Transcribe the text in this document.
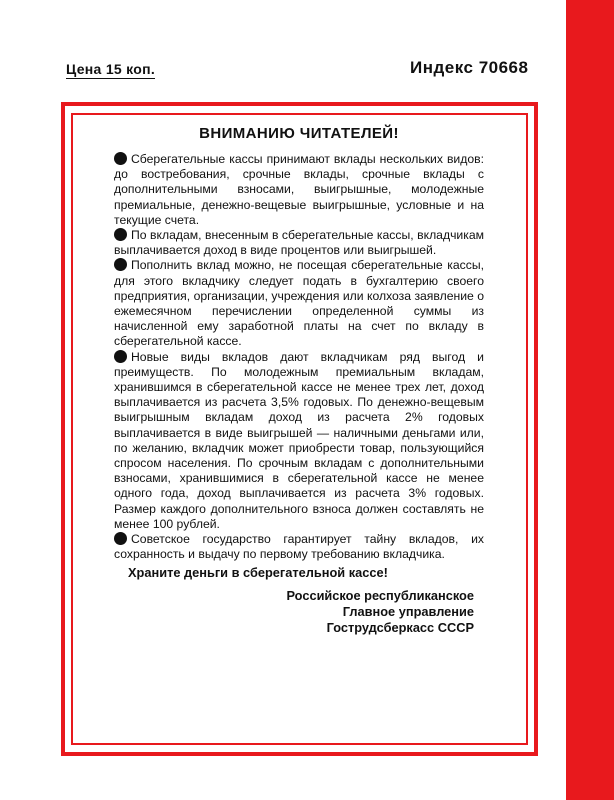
Цена 15 коп.	Индекс 70668
ВНИМАНИЮ ЧИТАТЕЛЕЙ!

Сберегательные кассы принимают вклады нескольких видов: до востребования, срочные вклады, срочные вклады с дополнительными взносами, выигрышные, молодежные премиальные, денежно-вещевые выигрышные, условные и на текущие счета.

По вкладам, внесенным в сберегательные кассы, вкладчикам выплачивается доход в виде процентов или выигрышей.

Пополнить вклад можно, не посещая сберегательные кассы, для этого вкладчику следует подать в бухгалтерию своего предприятия, организации, учреждения или колхоза заявление о ежемесячном перечислении определенной суммы из начисленной ему заработной платы на счет по вкладу в сберегательной кассе.

Новые виды вкладов дают вкладчикам ряд выгод и преимуществ. По молодежным премиальным вкладам, хранившимся в сберегательной кассе не менее трех лет, доход выплачивается из расчета 3,5% годовых. По денежно-вещевым выигрышным вкладам доход из расчета 2% годовых выплачивается в виде выигрышей — наличными деньгами или, по желанию, вкладчик может приобрести товар, пользующийся спросом населения. По срочным вкладам с дополнительными взносами, хранившимися в сберегательной кассе не менее одного года, доход выплачивается из расчета 3% годовых. Размер каждого дополнительного взноса должен составлять не менее 100 рублей.

Советское государство гарантирует тайну вкладов, их сохранность и выдачу по первому требованию вкладчика.

Храните деньги в сберегательной кассе!
Российское республиканское
Главное управление
Гострудсберкасс СССР
